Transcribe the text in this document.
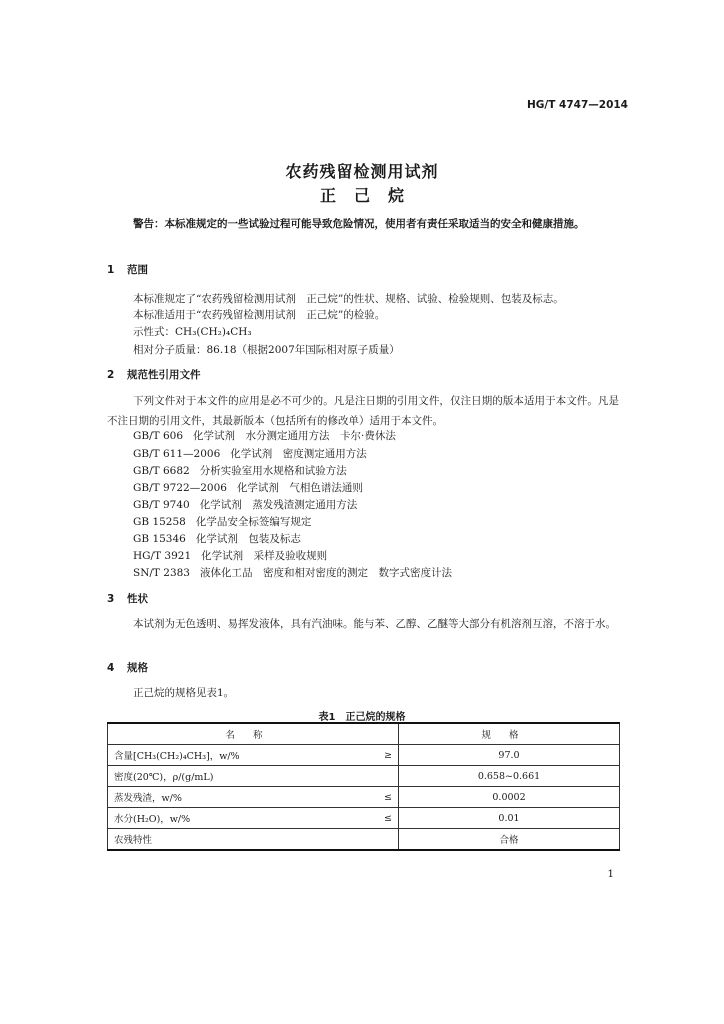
HG/T 4747—2014
农药残留检测用试剂
正己烷
警告：本标准规定的一些试验过程可能导致危险情况，使用者有责任采取适当的安全和健康措施。
1 范围
本标准规定了“农药残留检测用试剂　正己烷”的性状、规格、试验、检验规则、包装及标志。
本标准适用于“农药残留检测用试剂　正己烷”的检验。
示性式：CH₃(CH₂)₄CH₃
相对分子质量：86.18（根据2007年国际相对原子质量）
2 规范性引用文件
下列文件对于本文件的应用是必不可少的。凡是注日期的引用文件，仅注日期的版本适用于本文件。凡是不注日期的引用文件，其最新版本（包括所有的修改单）适用于本文件。
GB/T 606 化学试剂　水分测定通用方法　卡尔·费休法
GB/T 611—2006 化学试剂　密度测定通用方法
GB/T 6682 分析实验室用水规格和试验方法
GB/T 9722—2006 化学试剂　气相色谱法通则
GB/T 9740 化学试剂　蒸发残渣测定通用方法
GB 15258 化学品安全标签编写规定
GB 15346 化学试剂　包装及标志
HG/T 3921 化学试剂　采样及验收规则
SN/T 2383 液体化工品　密度和相对密度的测定　数字式密度计法
3 性状
本试剂为无色透明、易挥发液体，具有汽油味。能与苯、乙醇、乙醚等大部分有机溶剂互溶，不溶于水。
4 规格
正己烷的规格见表1。
表1　正己烷的规格
名称		规格
含量[CH₃(CH₂)₄CH₃]，w/%	≥	97.0
密度(20℃)，ρ/(g/mL)		0.658~0.661
蒸发残渣，w/%	≤	0.0002
水分(H₂O)，w/%	≤	0.01
农残特性		合格
1
